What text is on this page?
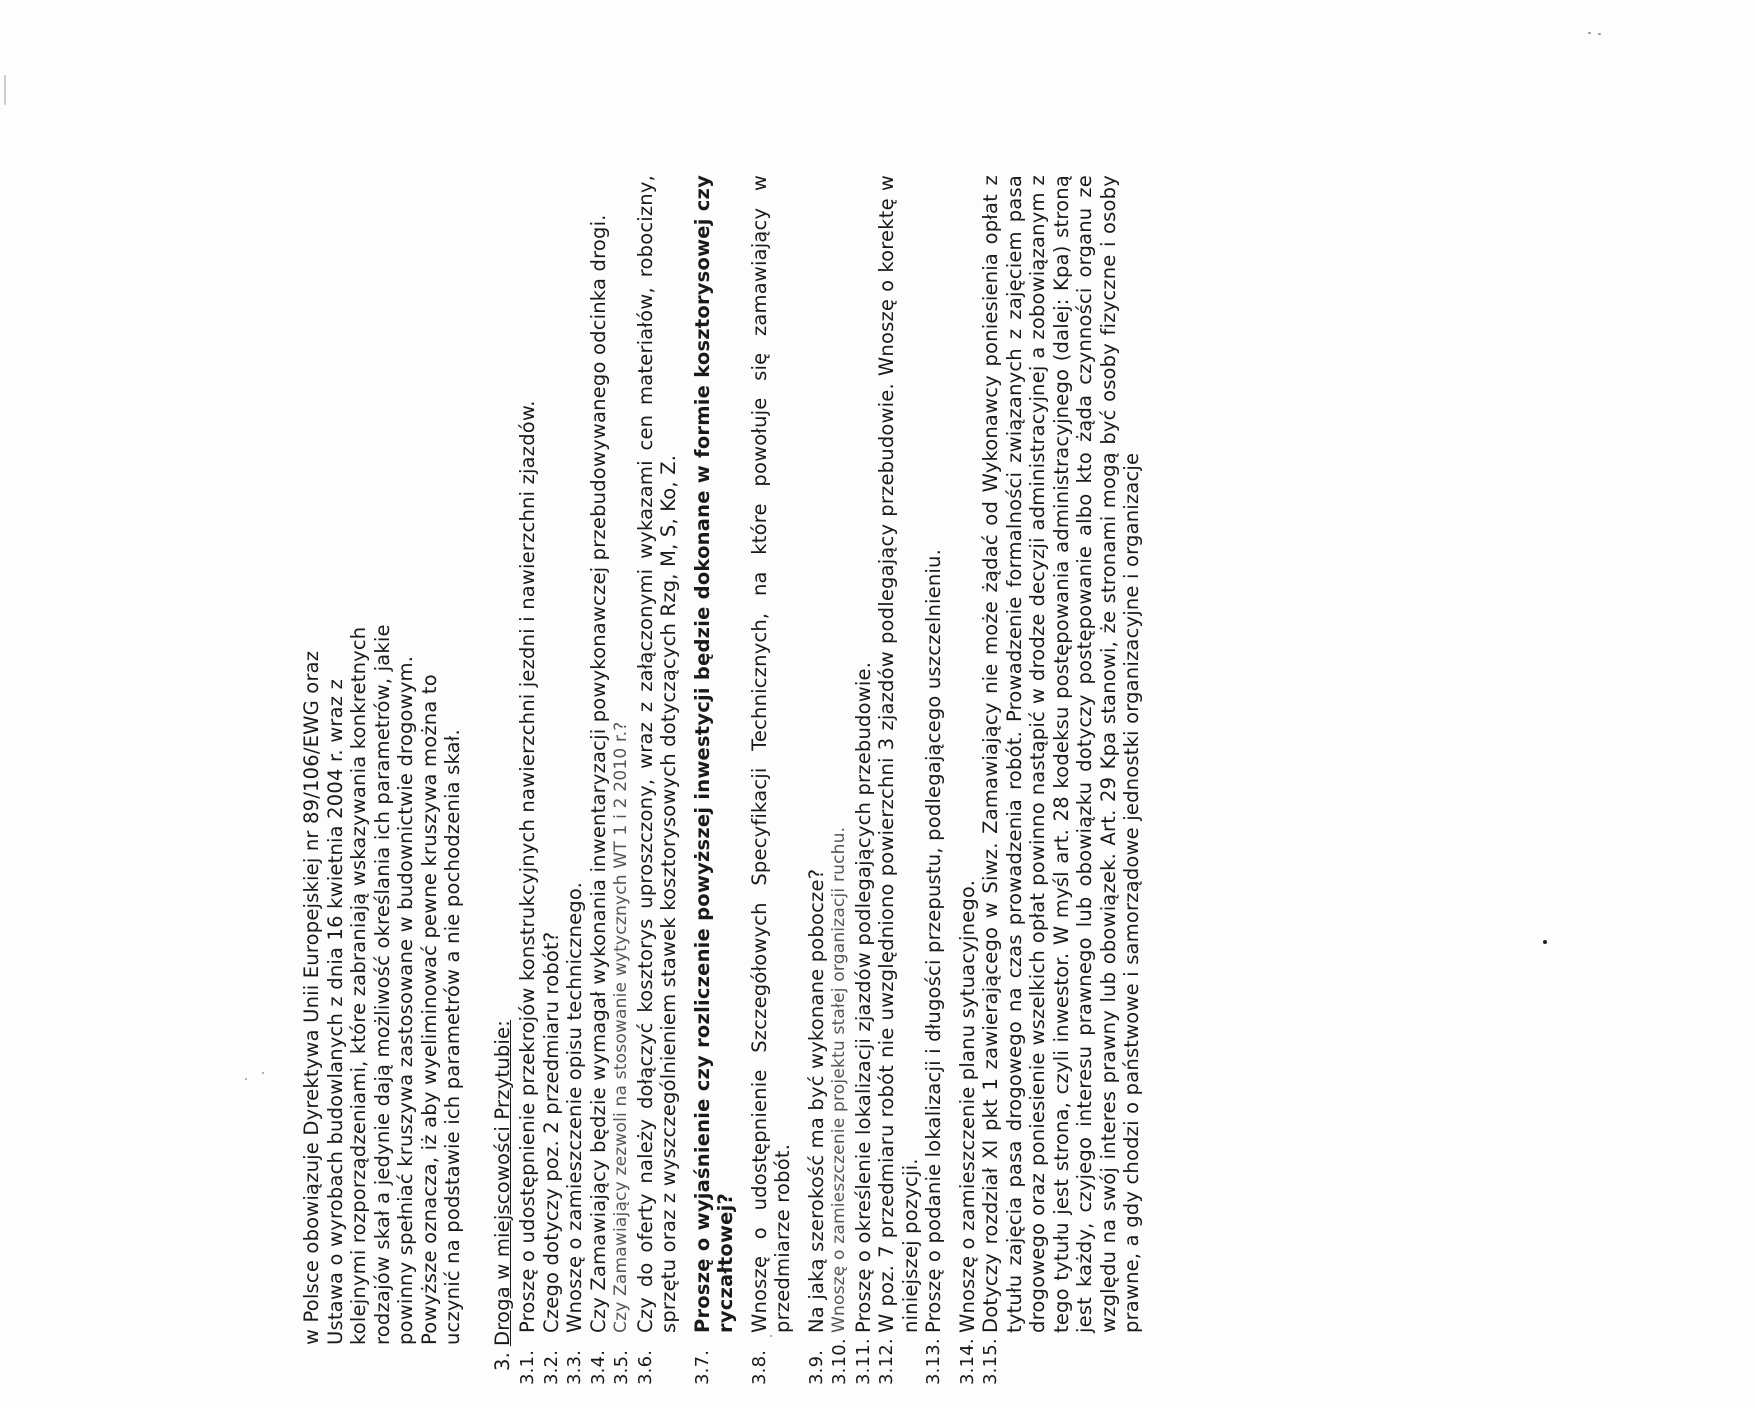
w Polsce obowiązuje Dyrektywa Unii Europejskiej nr 89/106/EWG oraz Ustawa o wyrobach budowlanych z dnia 16 kwietnia 2004 r. wraz z kolejnymi rozporządzeniami, które zabraniają wskazywania konkretnych rodzajów skał a jedynie dają możliwość określania ich parametrów, jakie powinny spełniać kruszywa zastosowane w budownictwie drogowym. Powyższe oznacza, iż aby wyeliminować pewne kruszywa można to uczynić na podstawie ich parametrów a nie pochodzenia skał.

3.Droga w miejscowości Przytubie:
3.1.
Proszę o udostępnienie przekrojów konstrukcyjnych nawierzchni jezdni i nawierzchni zjazdów.
3.2.
Czego dotyczy poz. 2 przedmiaru robót?
3.3.
Wnoszę o zamieszczenie opisu technicznego.
3.4.
Czy Zamawiający będzie wymagał wykonania inwentaryzacji powykonawczej przebudowywanego odcinka drogi.
3.5.
Czy Zamawiający zezwoli na stosowanie wytycznych WT 1 i 2 2010 r.?
3.6.
Czy do oferty należy dołączyć kosztorys uproszczony, wraz z załączonymi wykazami cen materiałów, robocizny, sprzętu oraz z wyszczególnieniem stawek kosztorysowych dotyczących Rzg, M, S, Ko, Z.
3.7.
Proszę o wyjaśnienie czy rozliczenie powyższej inwestycji będzie dokonane w formie kosztorysowej czy ryczałtowej?
3.8.
Wnoszę o udostępnienie Szczegółowych Specyfikacji Technicznych, na które powołuje się zamawiający w przedmiarze robót.
3.9.
Na jaką szerokość ma być wykonane pobocze?
3.10.
Wnoszę o zamieszczenie projektu stałej organizacji ruchu.
3.11.
Proszę o określenie lokalizacji zjazdów podlegających przebudowie.
3.12.
W poz. 7 przedmiaru robót nie uwzględniono powierzchni 3 zjazdów podlegający przebudowie. Wnoszę o korektę w niniejszej pozycji.
3.13.
Proszę o podanie lokalizacji i długości przepustu, podlegającego uszczelnieniu.
3.14.
Wnoszę o zamieszczenie planu sytuacyjnego.
3.15.
Dotyczy rozdział XI pkt 1 zawierającego w Siwz. Zamawiający nie może żądać od Wykonawcy poniesienia opłat z tytułu zajęcia pasa drogowego na czas prowadzenia robót. Prowadzenie formalności związanych z zajęciem pasa drogowego oraz poniesienie wszelkich opłat powinno nastąpić w drodze decyzji administracyjnej a zobowiązanym z tego tytułu jest strona, czyli inwestor. W myśl art. 28 kodeksu postępowania administracyjnego (dalej: Kpa) stroną jest każdy, czyjego interesu prawnego lub obowiązku dotyczy postępowanie albo kto żąda czynności organu ze względu na swój interes prawny lub obowiązek. Art. 29 Kpa stanowi, że stronami mogą być osoby fizyczne i osoby prawne, a gdy chodzi o państwowe i samorządowe jednostki organizacyjne i organizacje
